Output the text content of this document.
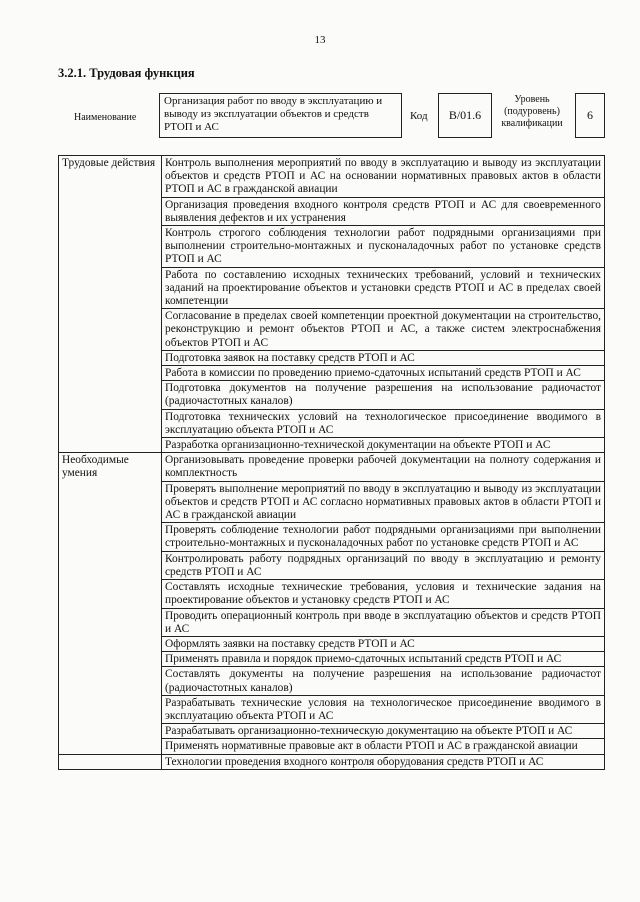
13
3.2.1. Трудовая функция
Наименование
Организация работ по вводу в эксплуатацию и выводу из эксплуатации объектов и средств РТОП и АС
Код	B/01.6
Уровень
(подуровень)
квалификации
6
Трудовые действия	Контроль выполнения мероприятий по вводу в эксплуатацию и выводу из эксплуатации объектов и средств РТОП и АС на основании нормативных правовых актов в области РТОП и АС в гражданской авиации
	Организация проведения входного контроля средств РТОП и АС для своевременного выявления дефектов и их устранения
	Контроль строгого соблюдения технологии работ подрядными организациями при выполнении строительно-монтажных и пусконаладочных работ по установке средств РТОП и АС
	Работа по составлению исходных технических требований, условий и технических заданий на проектирование объектов и установки средств РТОП и АС в пределах своей компетенции
	Согласование в пределах своей компетенции проектной документации на строительство, реконструкцию и ремонт объектов РТОП и АС, а также систем электроснабжения объектов РТОП и АС
	Подготовка заявок на поставку средств РТОП и АС
	Работа в комиссии по проведению приемо-сдаточных испытаний средств РТОП и АС
	Подготовка документов на получение разрешения на использование радиочастот (радиочастотных каналов)
	Подготовка технических условий на технологическое присоединение вводимого в эксплуатацию объекта РТОП и АС
	Разработка организационно-технической документации на объекте РТОП и АС
Необходимые умения	Организовывать проведение проверки рабочей документации на полноту содержания и комплектность
	Проверять выполнение мероприятий по вводу в эксплуатацию и выводу из эксплуатации объектов и средств РТОП и АС согласно нормативных правовых актов в области РТОП и АС в гражданской авиации
	Проверять соблюдение технологии работ подрядными организациями при выполнении строительно-монтажных и пусконаладочных работ по установке средств РТОП и АС
	Контролировать работу подрядных организаций по вводу в эксплуатацию и ремонту средств РТОП и АС
	Составлять исходные технические требования, условия и технические задания на проектирование объектов и установку средств РТОП и АС
	Проводить операционный контроль при вводе в эксплуатацию объектов и средств РТОП и АС
	Оформлять заявки на поставку средств РТОП и АС
	Применять правила и порядок приемо-сдаточных испытаний средств РТОП и АС
	Составлять документы на получение разрешения на использование радиочастот (радиочастотных каналов)
	Разрабатывать технические условия на технологическое присоединение вводимого в эксплуатацию объекта РТОП и АС
	Разрабатывать организационно-техническую документацию на объекте РТОП и АС
	Применять нормативные правовые акт в области РТОП и АС в гражданской авиации
	Технологии проведения входного контроля оборудования средств РТОП и АС
